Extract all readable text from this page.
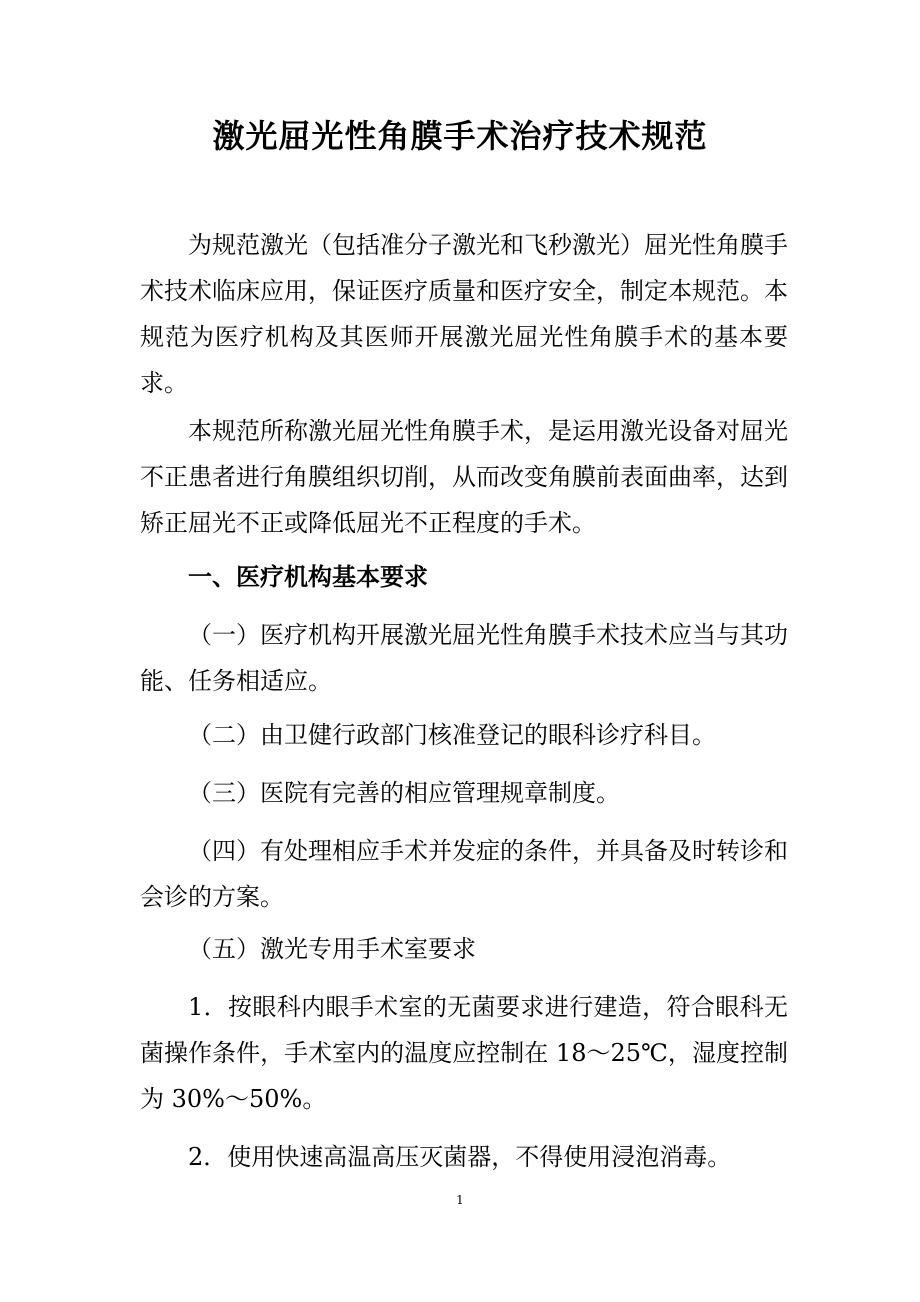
激光屈光性角膜手术治疗技术规范

为规范激光（包括准分子激光和飞秒激光）屈光性角膜手术技术临床应用，保证医疗质量和医疗安全，制定本规范。本规范为医疗机构及其医师开展激光屈光性角膜手术的基本要求。

本规范所称激光屈光性角膜手术，是运用激光设备对屈光不正患者进行角膜组织切削，从而改变角膜前表面曲率，达到矫正屈光不正或降低屈光不正程度的手术。

一、医疗机构基本要求

（一）医疗机构开展激光屈光性角膜手术技术应当与其功能、任务相适应。

（二）由卫健行政部门核准登记的眼科诊疗科目。

（三）医院有完善的相应管理规章制度。

（四）有处理相应手术并发症的条件，并具备及时转诊和会诊的方案。

（五）激光专用手术室要求

1．按眼科内眼手术室的无菌要求进行建造，符合眼科无菌操作条件，手术室内的温度应控制在 18～25℃，湿度控制为 30%～50%。

2．使用快速高温高压灭菌器，不得使用浸泡消毒。

1
